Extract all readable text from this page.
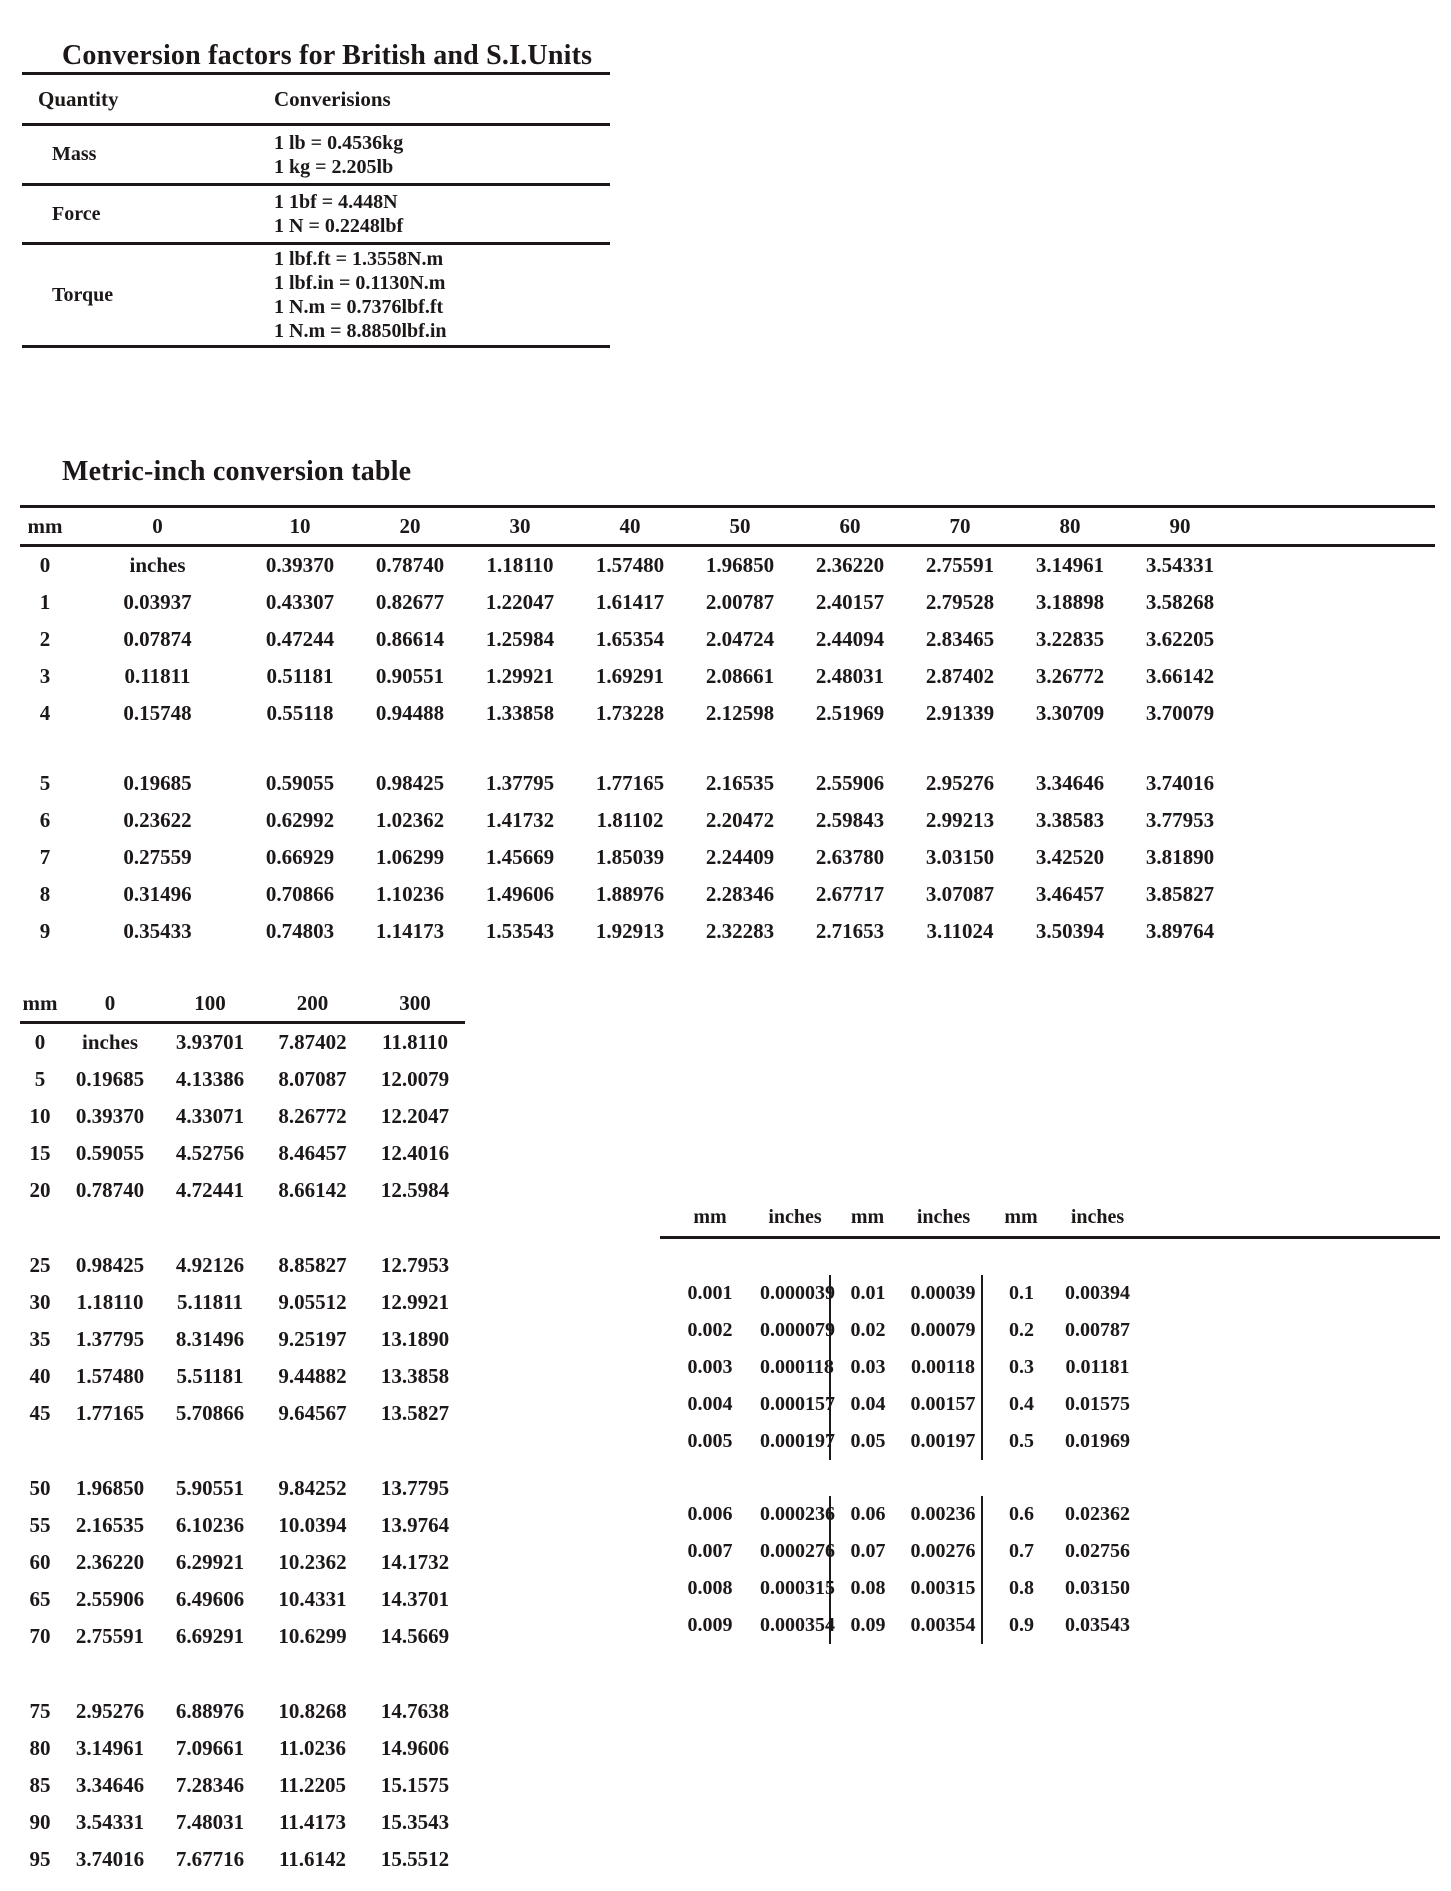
Conversion factors for British and S.I.Units
Quantity	Converisions
Mass	1 lb = 0.4536kg
1 kg = 2.205lb

Force	1 1bf = 4.448N
1 N = 0.2248lbf

Torque	1 lbf.ft = 1.3558N.m
1 lbf.in = 0.1130N.m
1 N.m = 0.7376lbf.ft
1 N.m = 8.8850lbf.in
Metric-inch conversion table
mm	0	10	20	30	40	50	60	70	80	90	
0	inches	0.39370	0.78740	1.18110	1.57480	1.96850	2.36220	2.75591	3.14961	3.54331	
1	0.03937	0.43307	0.82677	1.22047	1.61417	2.00787	2.40157	2.79528	3.18898	3.58268	
2	0.07874	0.47244	0.86614	1.25984	1.65354	2.04724	2.44094	2.83465	3.22835	3.62205	
3	0.11811	0.51181	0.90551	1.29921	1.69291	2.08661	2.48031	2.87402	3.26772	3.66142	
4	0.15748	0.55118	0.94488	1.33858	1.73228	2.12598	2.51969	2.91339	3.30709	3.70079	

5	0.19685	0.59055	0.98425	1.37795	1.77165	2.16535	2.55906	2.95276	3.34646	3.74016	
6	0.23622	0.62992	1.02362	1.41732	1.81102	2.20472	2.59843	2.99213	3.38583	3.77953	
7	0.27559	0.66929	1.06299	1.45669	1.85039	2.24409	2.63780	3.03150	3.42520	3.81890	
8	0.31496	0.70866	1.10236	1.49606	1.88976	2.28346	2.67717	3.07087	3.46457	3.85827	
9	0.35433	0.74803	1.14173	1.53543	1.92913	2.32283	2.71653	3.11024	3.50394	3.89764	
mm	0	100	200	300
0	inches	3.93701	7.87402	11.8110
5	0.19685	4.13386	8.07087	12.0079
10	0.39370	4.33071	8.26772	12.2047
15	0.59055	4.52756	8.46457	12.4016
20	0.78740	4.72441	8.66142	12.5984

25	0.98425	4.92126	8.85827	12.7953
30	1.18110	5.11811	9.05512	12.9921
35	1.37795	8.31496	9.25197	13.1890
40	1.57480	5.51181	9.44882	13.3858
45	1.77165	5.70866	9.64567	13.5827

50	1.96850	5.90551	9.84252	13.7795
55	2.16535	6.10236	10.0394	13.9764
60	2.36220	6.29921	10.2362	14.1732
65	2.55906	6.49606	10.4331	14.3701
70	2.75591	6.69291	10.6299	14.5669

75	2.95276	6.88976	10.8268	14.7638
80	3.14961	7.09661	11.0236	14.9606
85	3.34646	7.28346	11.2205	15.1575
90	3.54331	7.48031	11.4173	15.3543
95	3.74016	7.67716	11.6142	15.5512
mm	inches	mm	inches	mm	inches	

0.001	0.000039	0.01	0.00039	0.1	0.00394	
0.002	0.000079	0.02	0.00079	0.2	0.00787	
0.003	0.000118	0.03	0.00118	0.3	0.01181	
0.004	0.000157	0.04	0.00157	0.4	0.01575	
0.005	0.000197	0.05	0.00197	0.5	0.01969	

0.006	0.000236	0.06	0.00236	0.6	0.02362	
0.007	0.000276	0.07	0.00276	0.7	0.02756	
0.008	0.000315	0.08	0.00315	0.8	0.03150	
0.009	0.000354	0.09	0.00354	0.9	0.03543	
